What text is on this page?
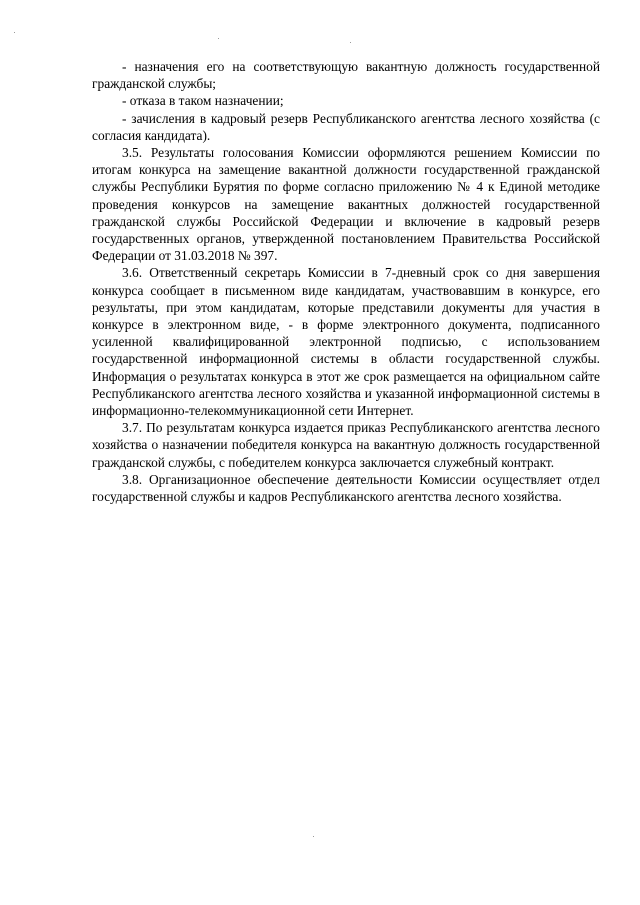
- назначения его на соответствующую вакантную должность государственной гражданской службы;

- отказа в таком назначении;

- зачисления в кадровый резерв Республиканского агентства лесного хозяйства (с согласия кандидата).

3.5. Результаты голосования Комиссии оформляются решением Комиссии по итогам конкурса на замещение вакантной должности государственной гражданской службы Республики Бурятия по форме согласно приложению № 4 к Единой методике проведения конкурсов на замещение вакантных должностей государственной гражданской службы Российской Федерации и включение в кадровый резерв государственных органов, утвержденной постановлением Правительства Российской Федерации от 31.03.2018 № 397.

3.6. Ответственный секретарь Комиссии в 7-дневный срок со дня завершения конкурса сообщает в письменном виде кандидатам, участвовавшим в конкурсе, его результаты, при этом кандидатам, которые представили документы для участия в конкурсе в электронном виде, - в форме электронного документа, подписанного усиленной квалифицированной электронной подписью, с использованием государственной информационной системы в области государственной службы. Информация о результатах конкурса в этот же срок размещается на официальном сайте Республиканского агентства лесного хозяйства и указанной информационной системы в информационно-телекоммуникационной сети Интернет.

3.7. По результатам конкурса издается приказ Республиканского агентства лесного хозяйства о назначении победителя конкурса на вакантную должность государственной гражданской службы, с победителем конкурса заключается служебный контракт.

3.8. Организационное обеспечение деятельности Комиссии осуществляет отдел государственной службы и кадров Республиканского агентства лесного хозяйства.
